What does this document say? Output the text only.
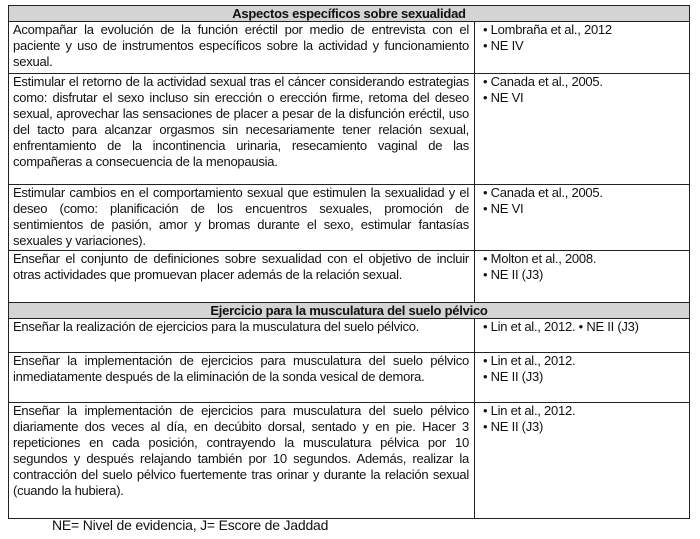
Aspectos específicos sobre sexualidad	
Acompañar la evolución de la función eréctil por medio de entrevista con el paciente y uso de instrumentos específicos sobre la actividad y funcionamiento sexual.	• Lombraña et al., 2012
• NE IV

Estimular el retorno de la actividad sexual tras el cáncer considerando estrategias como: disfrutar el sexo incluso sin erección o erección firme, retoma del deseo sexual, aprovechar las sensaciones de placer a pesar de la disfunción eréctil, uso del tacto para alcanzar orgasmos sin necesariamente tener relación sexual, enfrentamiento de la incontinencia urinaria, resecamiento vaginal de las compañeras a consecuencia de la menopausia.	• Canada et al., 2005.
• NE VI

Estimular cambios en el comportamiento sexual que estimulen la sexualidad y el deseo (como: planificación de los encuentros sexuales, promoción de sentimientos de pasión, amor y bromas durante el sexo, estimular fantasías sexuales y variaciones).	• Canada et al., 2005.
• NE VI

Enseñar el conjunto de definiciones sobre sexualidad con el objetivo de incluir otras actividades que promuevan placer además de la relación sexual.	• Molton et al., 2008.
• NE II (J3)

Ejercicio para la musculatura del suelo pélvico	
Enseñar la realización de ejercicios para la musculatura del suelo pélvico.	• Lin et al., 2012. • NE II (J3)

Enseñar la implementación de ejercicios para musculatura del suelo pélvico inmediatamente después de la eliminación de la sonda vesical de demora.	• Lin et al., 2012.
• NE II (J3)

Enseñar la implementación de ejercicios para musculatura del suelo pélvico diariamente dos veces al día, en decúbito dorsal, sentado y en pie. Hacer 3 repeticiones en cada posición, contrayendo la musculatura pélvica por 10 segundos y después relajando también por 10 segundos. Además, realizar la contracción del suelo pélvico fuertemente tras orinar y durante la relación sexual (cuando la hubiera).	• Lin et al., 2012.
• NE II (J3)
NE= Nivel de evidencia, J= Escore de Jaddad
